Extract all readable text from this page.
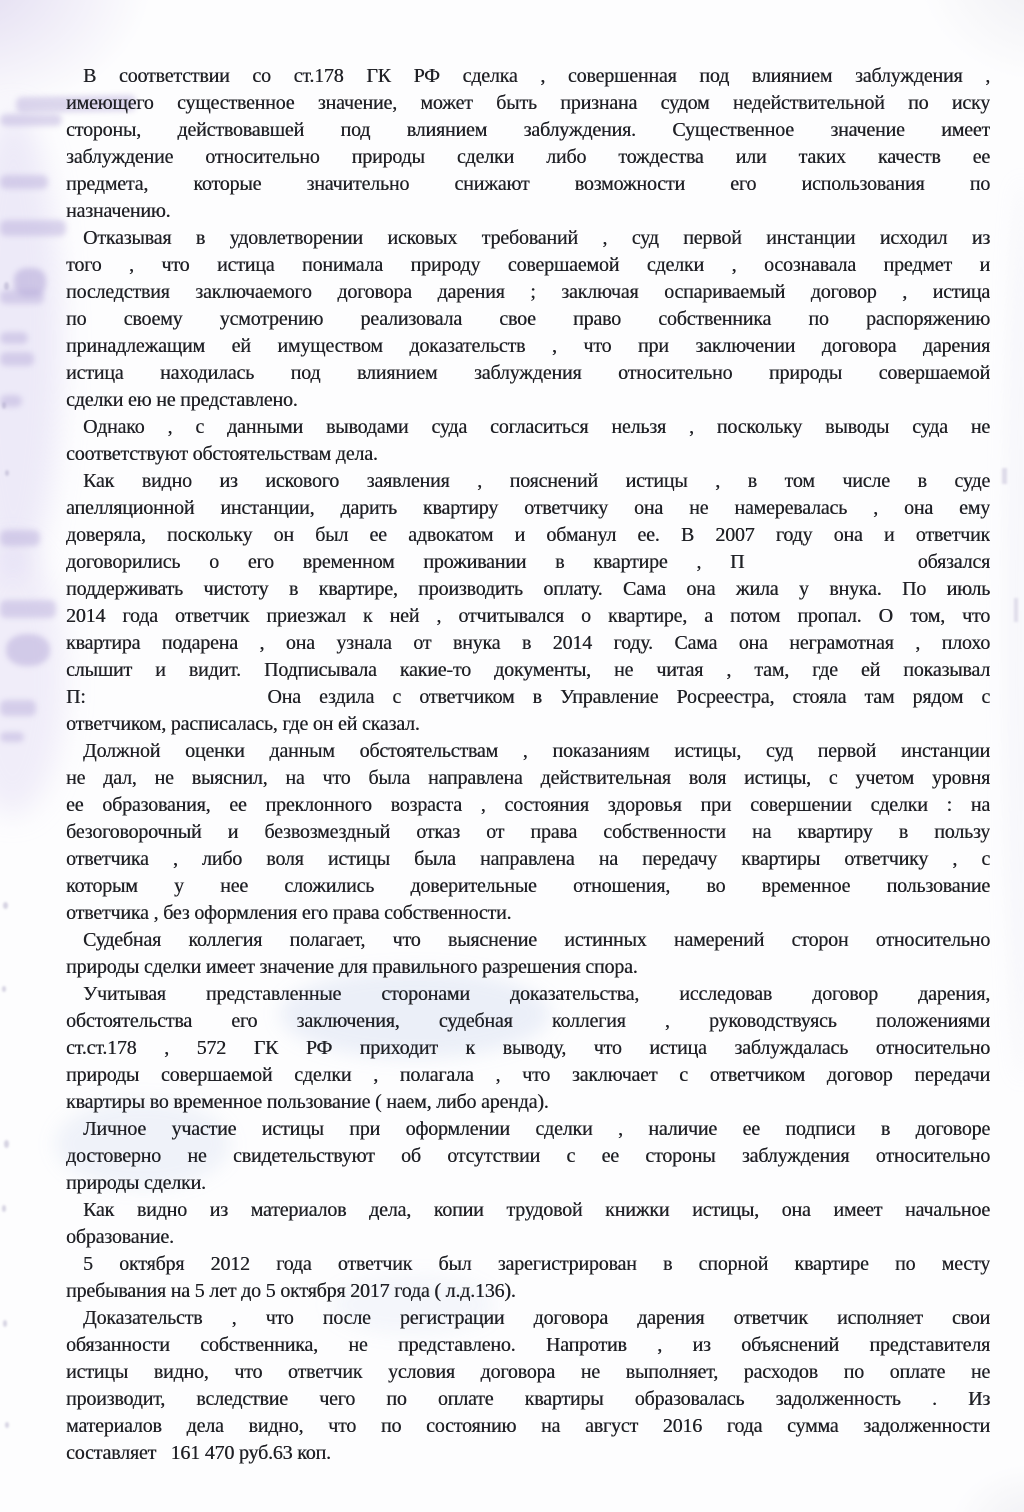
В соответствии со ст.178 ГК РФ сделка , совершенная под влиянием заблуждения ,
имеющего существенное значение, может быть признана судом недействительной по иску
стороны, действовавшей под влиянием заблуждения. Существенное значение имеет
заблуждение относительно природы сделки либо тождества или таких качеств ее
предмета, которые значительно снижают возможности его использования по
назначению.

Отказывая в удовлетворении исковых требований , суд первой инстанции исходил из
того , что истица понимала природу совершаемой сделки , осознавала предмет и
последствия заключаемого договора дарения ; заключая оспариваемый договор , истица
по своему усмотрению реализовала свое право собственника по распоряжению
принадлежащим ей имуществом доказательств , что при заключении договора дарения
истица находилась под влиянием заблуждения относительно природы совершаемой
сделки ею не представлено.

Однако , с данными выводами суда согласиться нельзя , поскольку выводы суда не
соответствуют обстоятельствам дела.

Как видно из искового заявления , пояснений истицы , в том числе в суде
апелляционной инстанции, дарить квартиру ответчику она не намеревалась , она ему
доверяла, поскольку он был ее адвокатом и обманул ее. В 2007 году она и ответчик
договорились о его временном проживании в квартире , П      обязался
поддерживать чистоту в квартире, производить оплату. Сама она жила у внука. По июль
2014 года ответчик приезжал к ней , отчитывался о квартире, а потом пропал. О том, что
квартира подарена , она узнала от внука в 2014 году. Сама она неграмотная , плохо
слышит и видит. Подписывала какие-то документы, не читая , там, где ей показывал
П:          Она ездила с ответчиком в Управление Росреестра, стояла там рядом с
ответчиком, расписалась, где он ей сказал.

Должной оценки данным обстоятельствам , показаниям истицы, суд первой инстанции
не дал, не выяснил, на что была направлена действительная воля истицы, с учетом уровня
ее образования, ее преклонного возраста , состояния здоровья при совершении сделки : на
безоговорочный и безвозмездный отказ от права собственности на квартиру в пользу
ответчика , либо воля истицы была направлена на передачу квартиры ответчику , с
которым у нее сложились доверительные отношения, во временное пользование
ответчика , без оформления его права собственности.

Судебная коллегия полагает, что выяснение истинных намерений сторон относительно
природы сделки имеет значение для правильного разрешения спора.

Учитывая представленные сторонами доказательства, исследовав договор дарения,
обстоятельства его заключения, судебная коллегия , руководствуясь положениями
ст.ст.178 , 572 ГК РФ приходит к выводу, что истица заблуждалась относительно
природы совершаемой сделки , полагала , что заключает с ответчиком договор передачи
квартиры во временное пользование ( наем, либо аренда).

Личное участие истицы при оформлении сделки , наличие ее подписи в договоре
достоверно не свидетельствуют об отсутствии с ее стороны заблуждения относительно
природы сделки.

Как видно из материалов дела, копии трудовой книжки истицы, она имеет начальное
образование.

5 октября 2012 года ответчик был зарегистрирован в спорной квартире по месту
пребывания на 5 лет до 5 октября 2017 года ( л.д.136).

Доказательств , что после регистрации договора дарения ответчик исполняет свои
обязанности собственника, не представлено. Напротив , из объяснений представителя
истицы видно, что ответчик условия договора не выполняет, расходов по оплате не
производит, вследствие чего по оплате квартиры образовалась задолженность . Из
материалов дела видно, что по состоянию на август 2016 года сумма задолженности
составляет   161 470 руб.63 коп.
